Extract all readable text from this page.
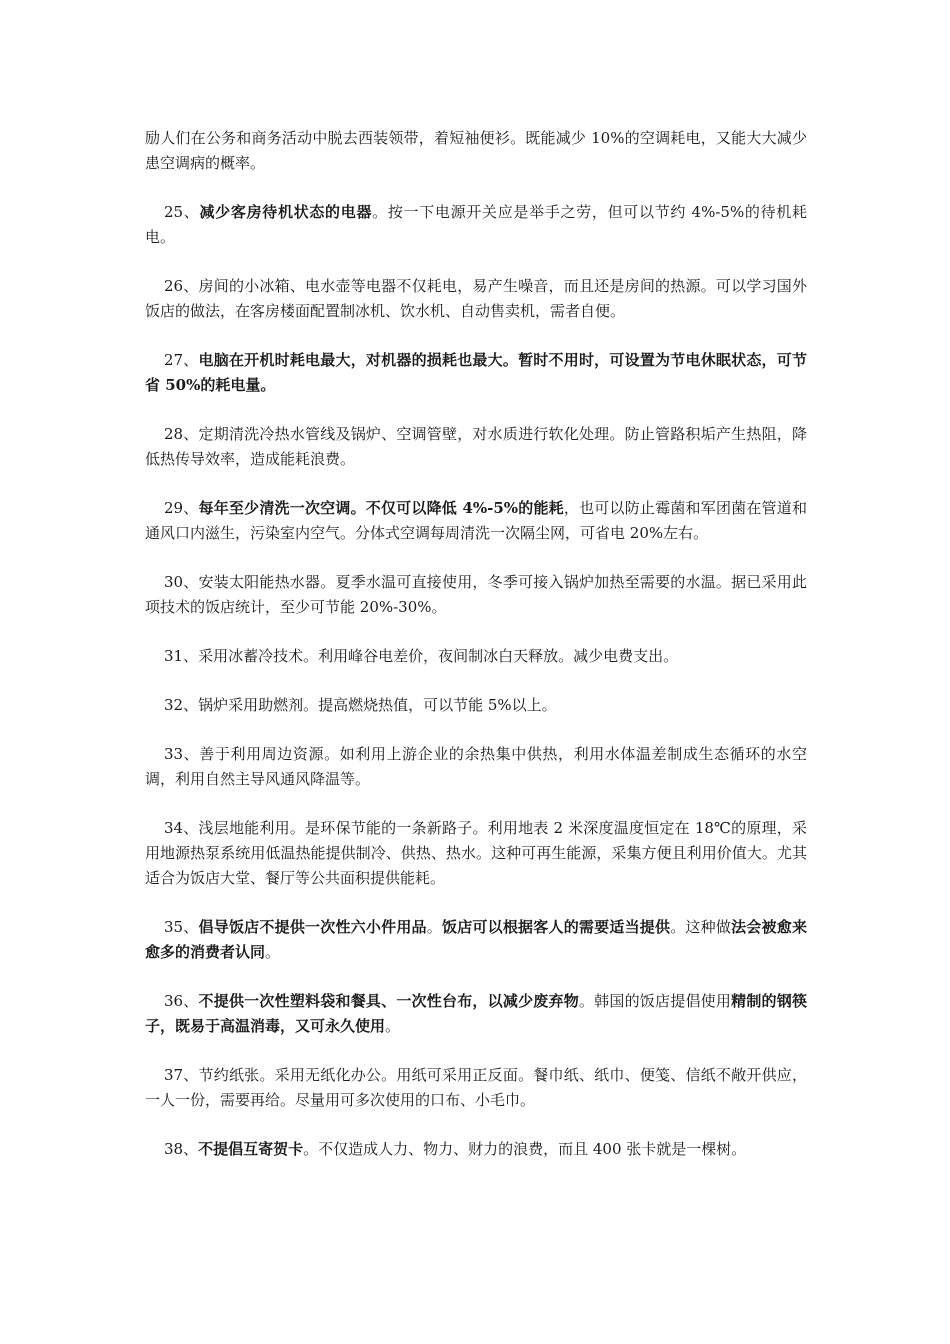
励人们在公务和商务活动中脱去西装领带，着短袖便衫。既能减少 10%的空调耗电，又能大大减少患空调病的概率。

25、减少客房待机状态的电器。按一下电源开关应是举手之劳，但可以节约 4%-5%的待机耗电。

26、房间的小冰箱、电水壶等电器不仅耗电，易产生噪音，而且还是房间的热源。可以学习国外饭店的做法，在客房楼面配置制冰机、饮水机、自动售卖机，需者自便。

27、电脑在开机时耗电最大，对机器的损耗也最大。暂时不用时，可设置为节电休眠状态，可节省 50%的耗电量。

28、定期清洗冷热水管线及锅炉、空调管壁，对水质进行软化处理。防止管路积垢产生热阻，降低热传导效率，造成能耗浪费。

29、每年至少清洗一次空调。不仅可以降低 4%-5%的能耗，也可以防止霉菌和军团菌在管道和通风口内滋生，污染室内空气。分体式空调每周清洗一次隔尘网，可省电 20%左右。

30、安装太阳能热水器。夏季水温可直接使用，冬季可接入锅炉加热至需要的水温。据已采用此项技术的饭店统计，至少可节能 20%-30%。

31、采用冰蓄冷技术。利用峰谷电差价，夜间制冰白天释放。减少电费支出。

32、锅炉采用助燃剂。提高燃烧热值，可以节能 5%以上。

33、善于利用周边资源。如利用上游企业的余热集中供热，利用水体温差制成生态循环的水空调，利用自然主导风通风降温等。

34、浅层地能利用。是环保节能的一条新路子。利用地表 2 米深度温度恒定在 18℃的原理，采用地源热泵系统用低温热能提供制冷、供热、热水。这种可再生能源，采集方便且利用价值大。尤其适合为饭店大堂、餐厅等公共面积提供能耗。

35、倡导饭店不提供一次性六小件用品。饭店可以根据客人的需要适当提供。这种做法会被愈来愈多的消费者认同。

36、不提供一次性塑料袋和餐具、一次性台布，以减少废弃物。韩国的饭店提倡使用精制的钢筷子，既易于高温消毒，又可永久使用。

37、节约纸张。采用无纸化办公。用纸可采用正反面。餐巾纸、纸巾、便笺、信纸不敞开供应，一人一份，需要再给。尽量用可多次使用的口布、小毛巾。

38、不提倡互寄贺卡。不仅造成人力、物力、财力的浪费，而且 400 张卡就是一棵树。
